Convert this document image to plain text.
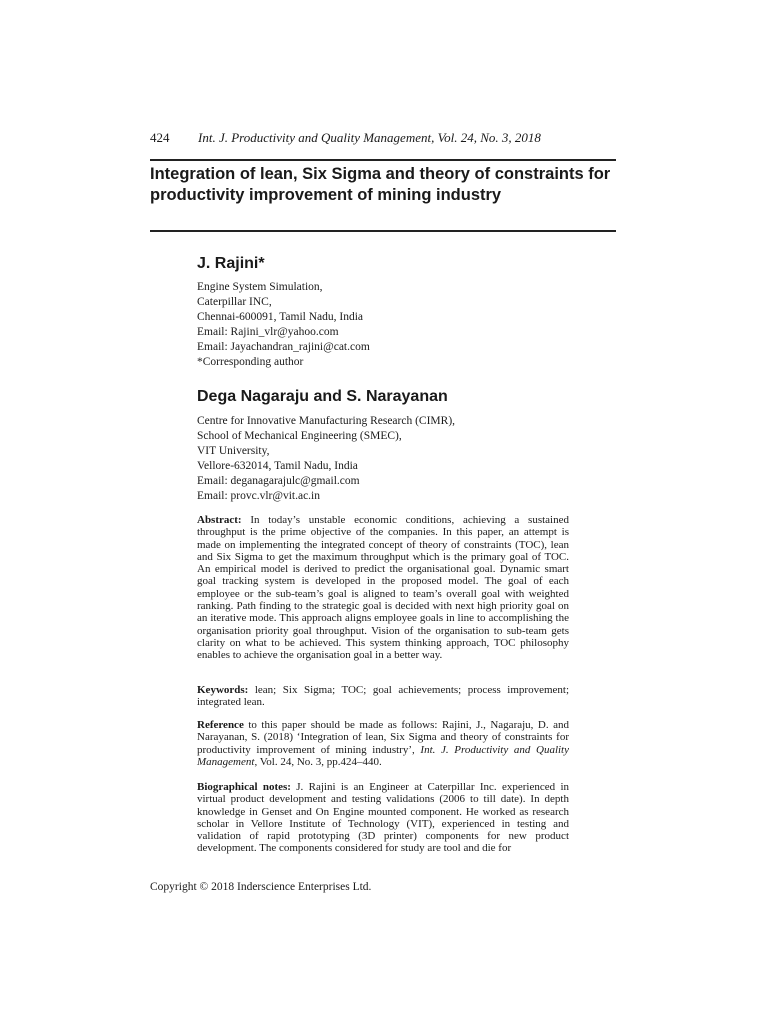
424 Int. J. Productivity and Quality Management, Vol. 24, No. 3, 2018
Integration of lean, Six Sigma and theory of constraints for productivity improvement of mining industry
J. Rajini*
Engine System Simulation,
Caterpillar INC,
Chennai-600091, Tamil Nadu, India
Email: Rajini_vlr@yahoo.com
Email: Jayachandran_rajini@cat.com
*Corresponding author
Dega Nagaraju and S. Narayanan
Centre for Innovative Manufacturing Research (CIMR),
School of Mechanical Engineering (SMEC),
VIT University,
Vellore-632014, Tamil Nadu, India
Email: deganagarajulc@gmail.com
Email: provc.vlr@vit.ac.in

Abstract: In today’s unstable economic conditions, achieving a sustained throughput is the prime objective of the companies. In this paper, an attempt is made on implementing the integrated concept of theory of constraints (TOC), lean and Six Sigma to get the maximum throughput which is the primary goal of TOC. An empirical model is derived to predict the organisational goal. Dynamic smart goal tracking system is developed in the proposed model. The goal of each employee or the sub-team’s goal is aligned to team’s overall goal with weighted ranking. Path finding to the strategic goal is decided with next high priority goal on an iterative mode. This approach aligns employee goals in line to accomplishing the organisation priority goal throughput. Vision of the organisation to sub-team gets clarity on what to be achieved. This system thinking approach, TOC philosophy enables to achieve the organisation goal in a better way.

Keywords: lean; Six Sigma; TOC; goal achievements; process improvement; integrated lean.

Reference to this paper should be made as follows: Rajini, J., Nagaraju, D. and Narayanan, S. (2018) ‘Integration of lean, Six Sigma and theory of constraints for productivity improvement of mining industry’, Int. J. Productivity and Quality Management, Vol. 24, No. 3, pp.424–440.

Biographical notes: J. Rajini is an Engineer at Caterpillar Inc. experienced in virtual product development and testing validations (2006 to till date). In depth knowledge in Genset and On Engine mounted component. He worked as research scholar in Vellore Institute of Technology (VIT), experienced in testing and validation of rapid prototyping (3D printer) components for new product development. The components considered for study are tool and die for

Copyright © 2018 Inderscience Enterprises Ltd.
